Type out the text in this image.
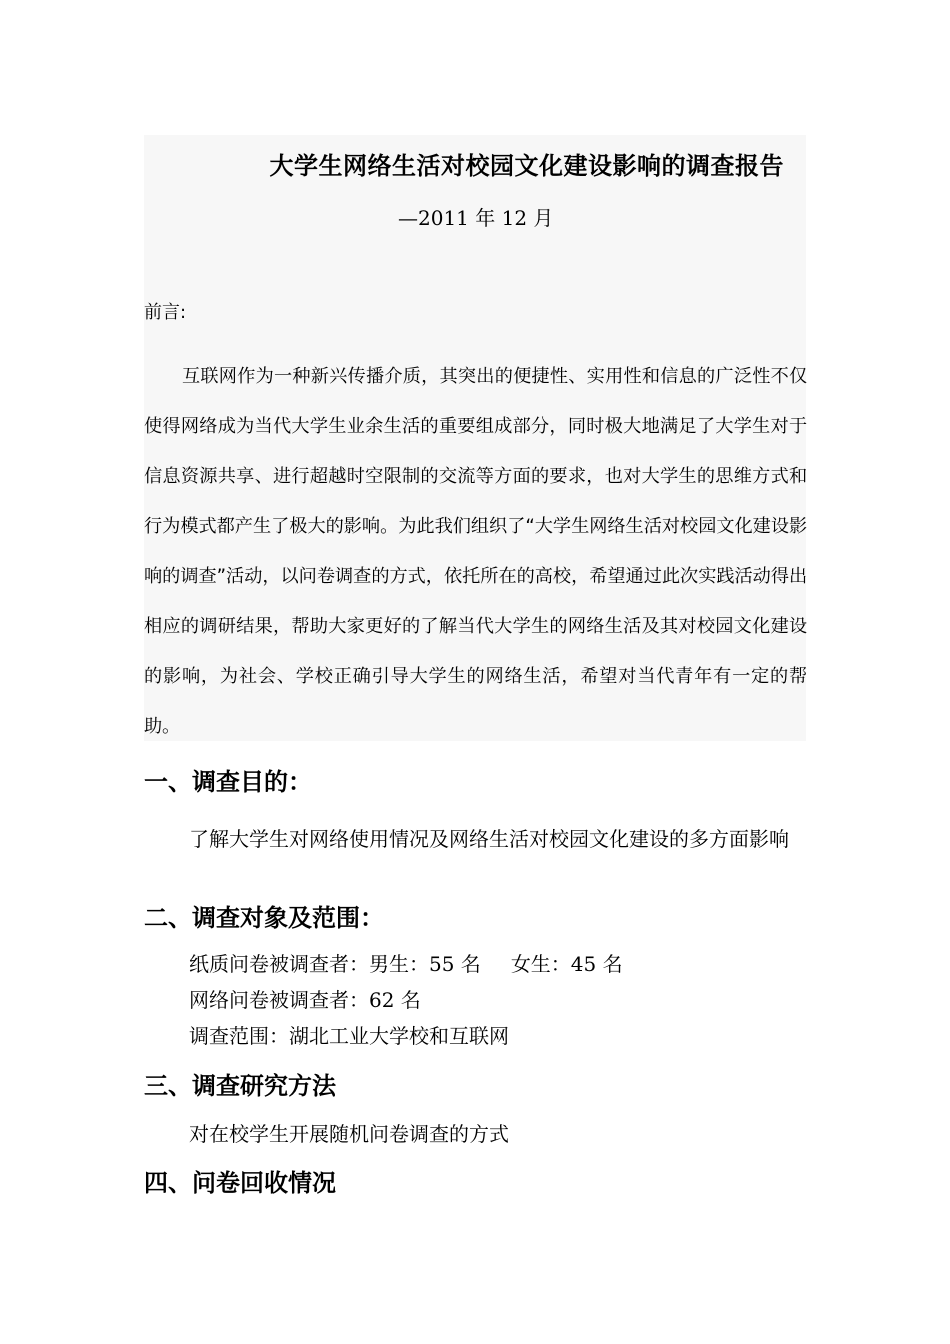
大学生网络生活对校园文化建设影响的调查报告
—2011 年 12 月
前言:

互联网作为一种新兴传播介质，其突出的便捷性、实用性和信息的广泛性不仅使得网络成为当代大学生业余生活的重要组成部分，同时极大地满足了大学生对于信息资源共享、进行超越时空限制的交流等方面的要求，也对大学生的思维方式和行为模式都产生了极大的影响。为此我们组织了“大学生网络生活对校园文化建设影响的调查”活动，以问卷调查的方式，依托所在的高校，希望通过此次实践活动得出相应的调研结果，帮助大家更好的了解当代大学生的网络生活及其对校园文化建设的影响，为社会、学校正确引导大学生的网络生活，希望对当代青年有一定的帮助。

一、调查目的：

了解大学生对网络使用情况及网络生活对校园文化建设的多方面影响

二、调查对象及范围：

纸质问卷被调查者：男生：55 名 女生：45 名

网络问卷被调查者：62 名

调查范围：湖北工业大学校和互联网

三、调查研究方法

对在校学生开展随机问卷调查的方式

四、问卷回收情况
